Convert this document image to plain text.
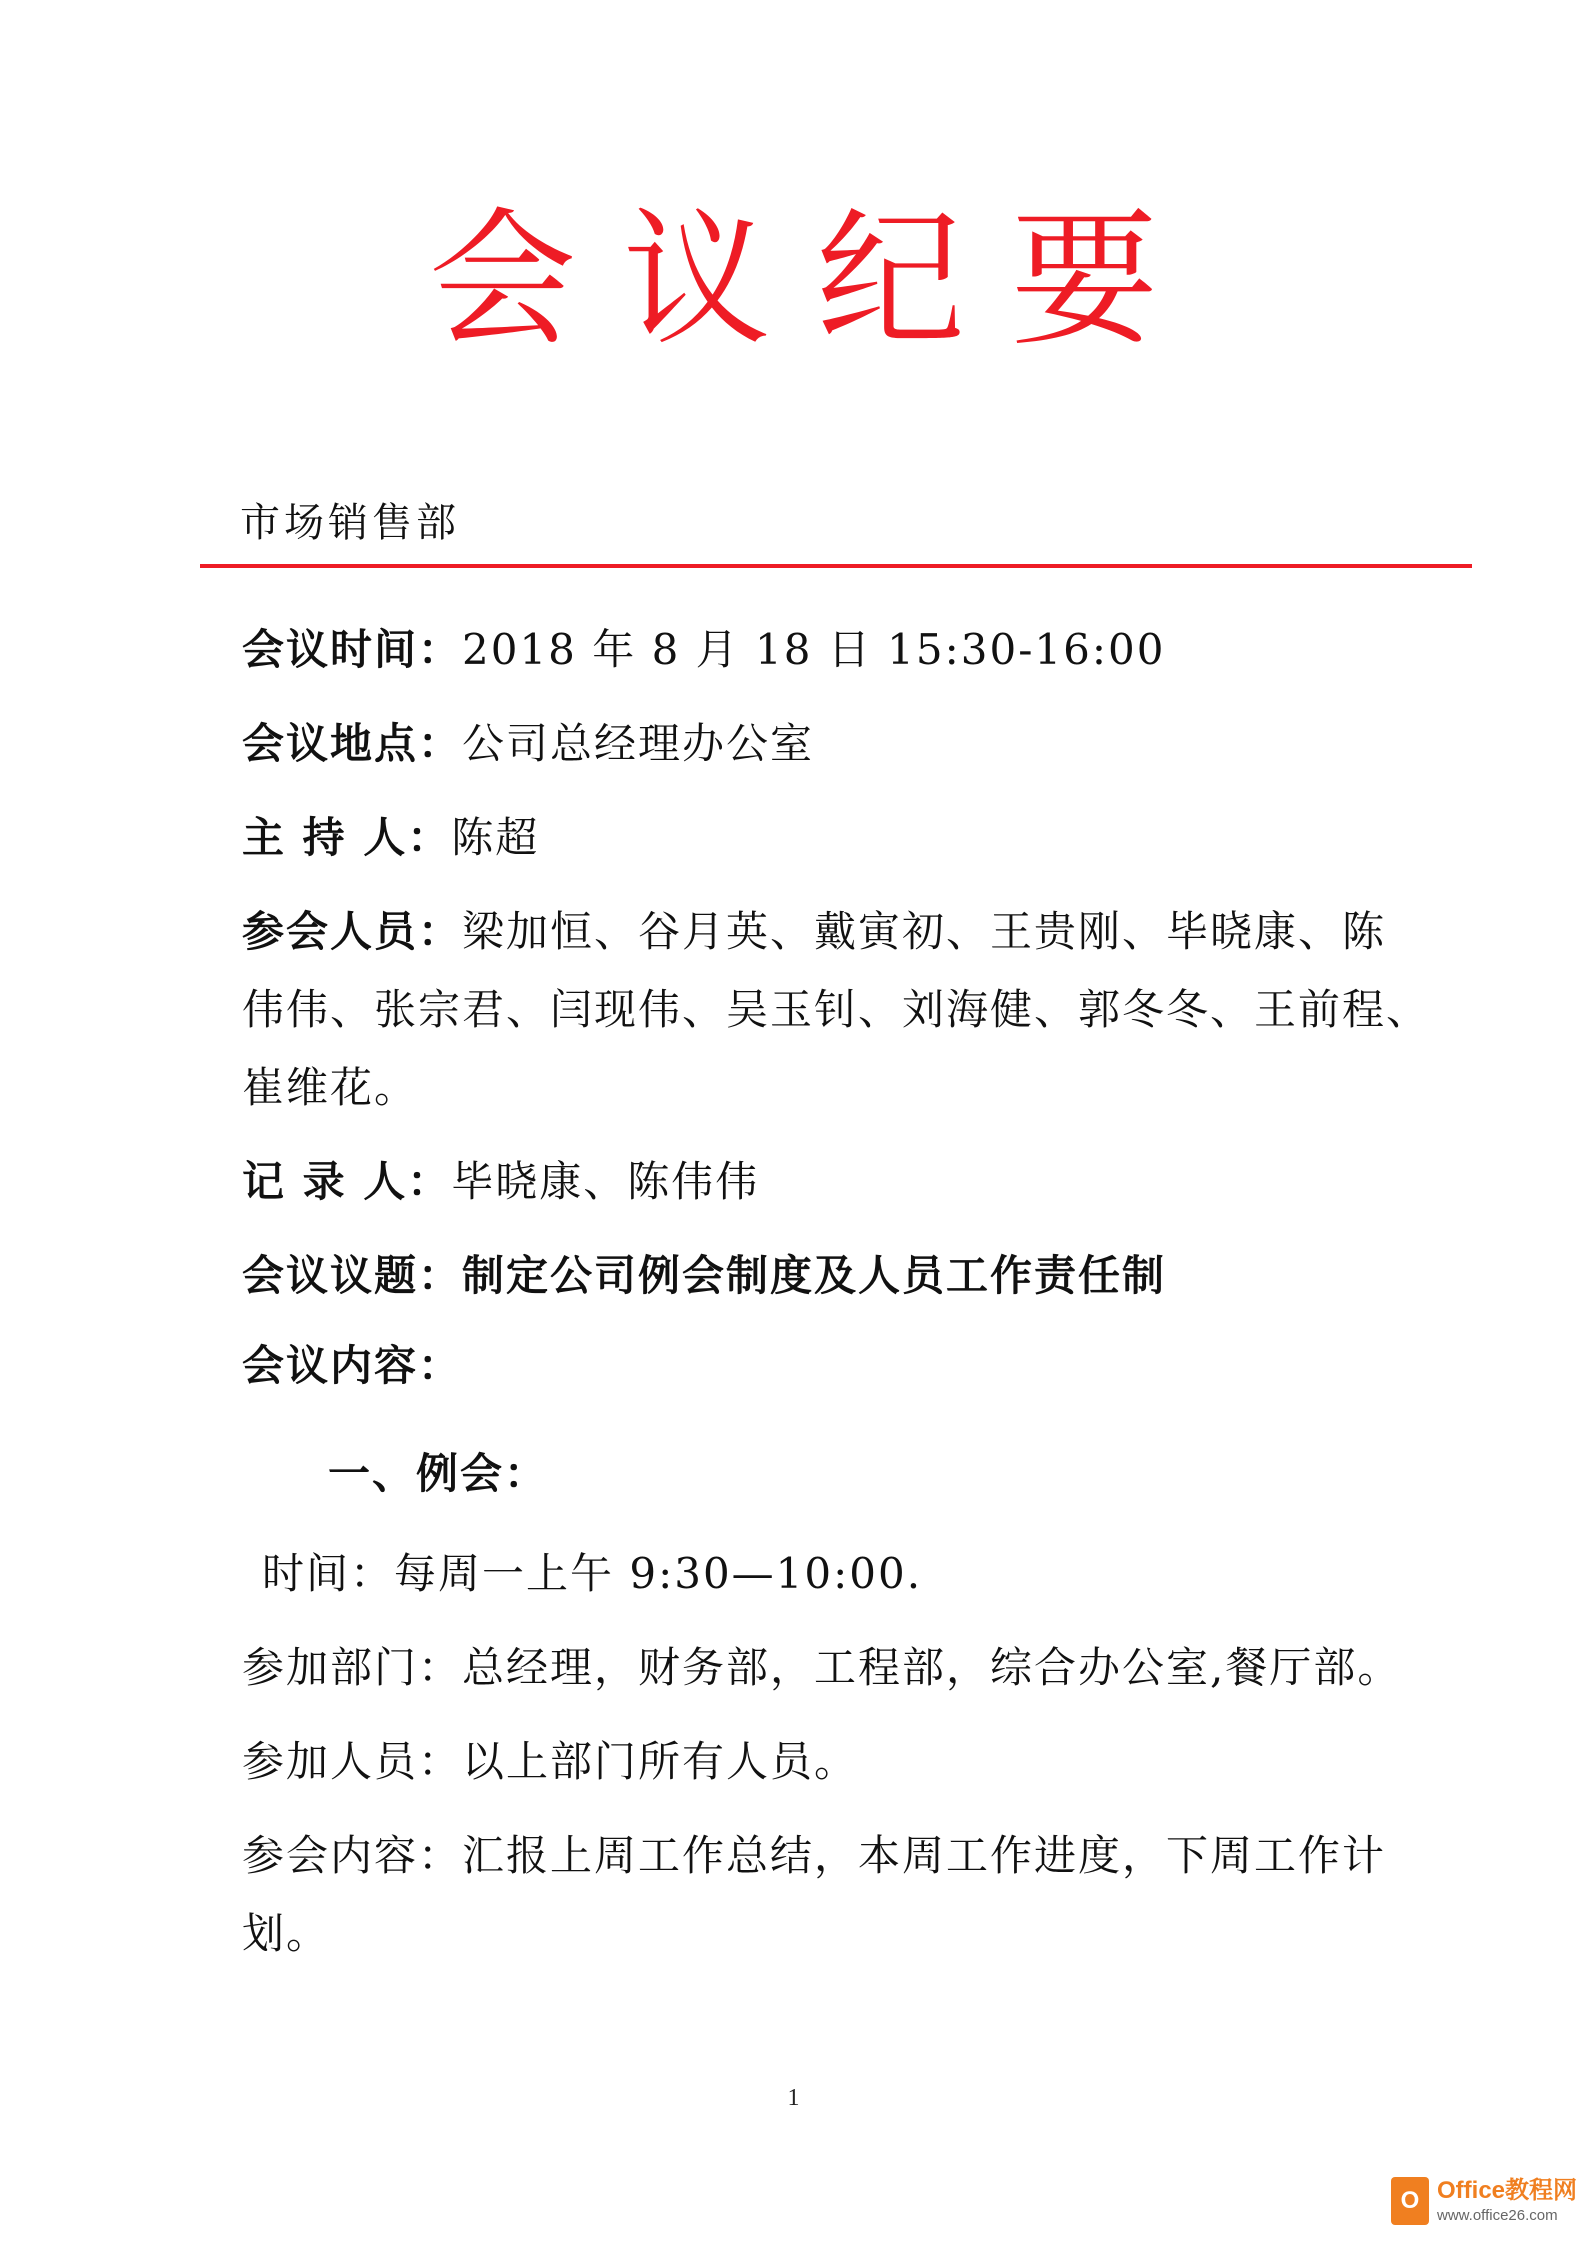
会议纪要
市场销售部
会议时间：2018 年 8 月 18 日 15:30-16:00
会议地点：公司总经理办公室
主 持 人：陈超
参会人员：梁加恒、谷月英、戴寅初、王贵刚、毕晓康、陈
伟伟、张宗君、闫现伟、吴玉钊、刘海健、郭冬冬、王前程、
崔维花。
记 录 人：毕晓康、陈伟伟
会议议题：制定公司例会制度及人员工作责任制
会议内容：
一、例会：
时间：每周一上午 9:30—10:00.
参加部门：总经理，财务部，工程部，综合办公室,餐厅部。
参加人员：以上部门所有人员。
参会内容：汇报上周工作总结，本周工作进度，下周工作计
划。
1
O Office教程网
www.office26.com
